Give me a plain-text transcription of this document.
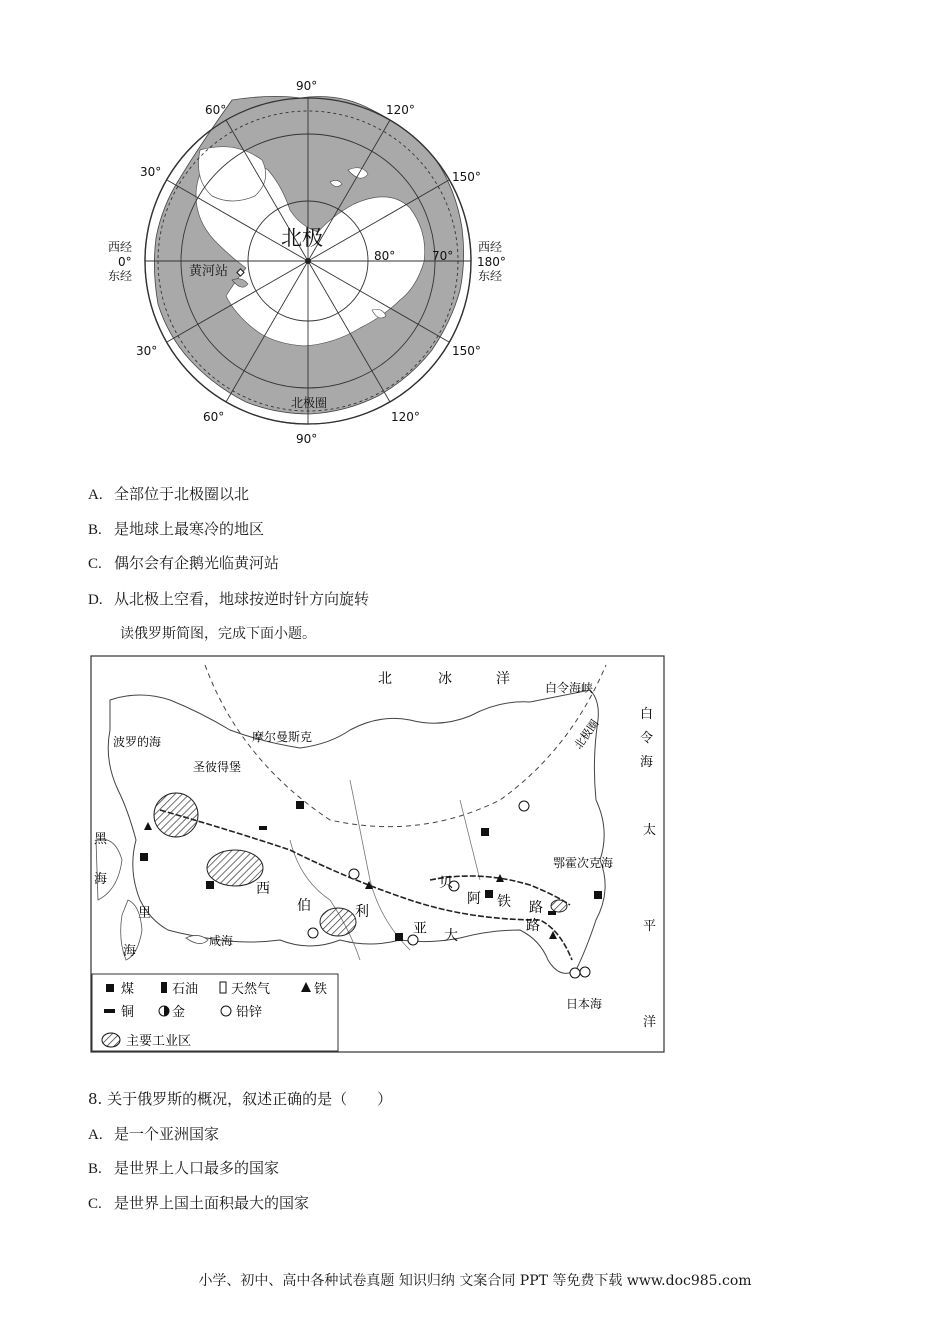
北极
黄河站
北极圈
80°	70°
90°
120°
150°
60°
30°
西经
0°
东经
西经
180°
东经
30°
60°
90°
120°
150°
A. 全部位于北极圈以北
B. 是地球上最寒冷的地区
C. 偶尔会有企鹅光临黄河站
D. 从北极上空看，地球按逆时针方向旋转
读俄罗斯简图，完成下面小题。
北	冰	洋
白令海峡
波罗的海	摩尔曼斯克
圣彼得堡
北极圈
白
令
海
太
平
洋
黑
海
里
海
咸海
鄂霍次克海
日本海
西
伯	利
亚
贝
阿 铁 路
大
路
煤	石油	天然气	铁
铜	金	铅锌
主要工业区
8. 关于俄罗斯的概况，叙述正确的是（　　）
A. 是一个亚洲国家
B. 是世界上人口最多的国家
C. 是世界上国土面积最大的国家
小学、初中、高中各种试卷真题 知识归纳 文案合同 PPT 等免费下载 www.doc985.com
